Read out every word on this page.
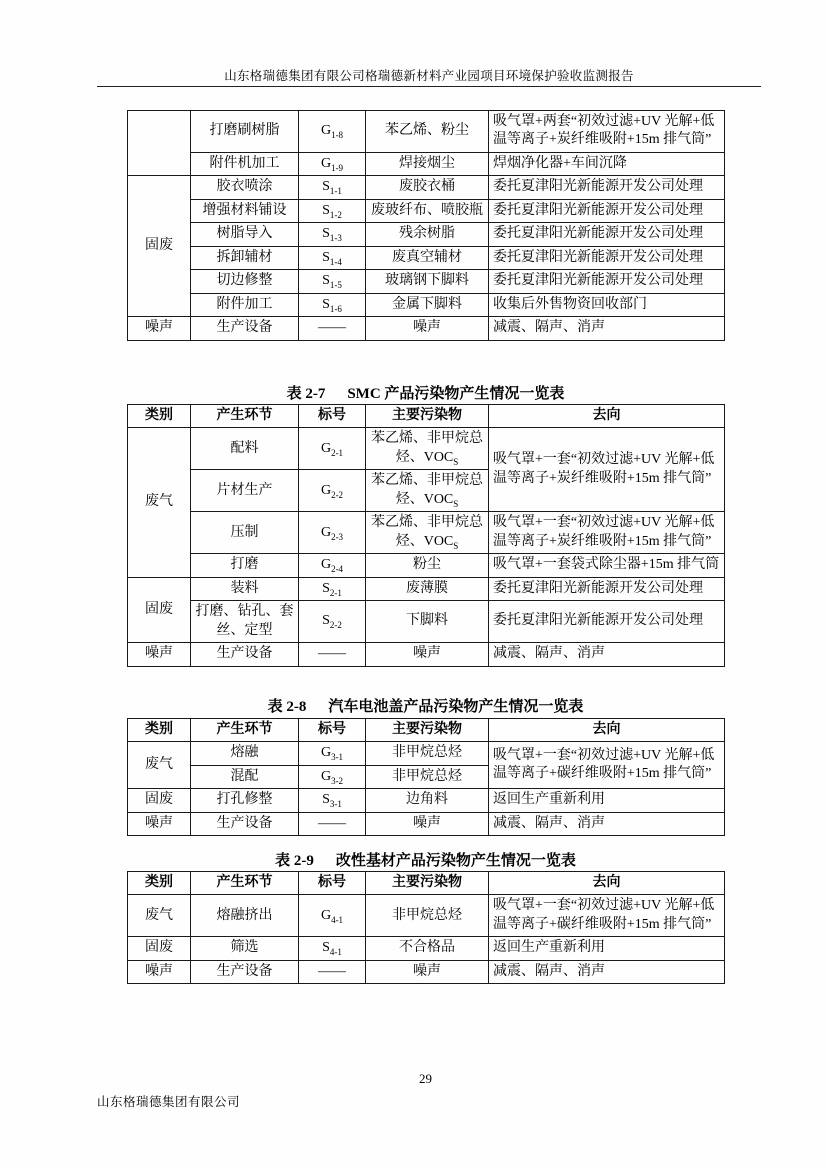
山东格瑞德集团有限公司格瑞德新材料产业园项目环境保护验收监测报告
	打磨刷树脂	$G_{1-8}$	苯乙烯、粉尘	吸气罩+两套“初效过滤+UV 光解+低温等离子+炭纤维吸附+15m 排气筒”
	附件机加工	$G_{1-9}$	焊接烟尘	焊烟净化器+车间沉降
固废	胶衣喷涂	$S_{1-1}$	废胶衣桶	委托夏津阳光新能源开发公司处理
	增强材料铺设	$S_{1-2}$	废玻纤布、喷胶瓶	委托夏津阳光新能源开发公司处理
	树脂导入	$S_{1-3}$	残余树脂	委托夏津阳光新能源开发公司处理
	拆卸辅材	$S_{1-4}$	废真空辅材	委托夏津阳光新能源开发公司处理
	切边修整	$S_{1-5}$	玻璃钢下脚料	委托夏津阳光新能源开发公司处理
	附件加工	$S_{1-6}$	金属下脚料	收集后外售物资回收部门
噪声	生产设备	——	噪声	减震、隔声、消声
表 2-7 SMC 产品污染物产生情况一览表
类别	产生环节	标号	主要污染物	去向
废气	配料	$G_{2-1}$	苯乙烯、非甲烷总烃、$VOC_S$	吸气罩+一套“初效过滤+UV 光解+低温等离子+炭纤维吸附+15m 排气筒”
	片材生产	$G_{2-2}$	苯乙烯、非甲烷总烃、$VOC_S$
	压制	$G_{2-3}$	苯乙烯、非甲烷总烃、$VOC_S$	吸气罩+一套“初效过滤+UV 光解+低温等离子+炭纤维吸附+15m 排气筒”
	打磨	$G_{2-4}$	粉尘	吸气罩+一套袋式除尘器+15m 排气筒
固废	装料	$S_{2-1}$	废薄膜	委托夏津阳光新能源开发公司处理
	打磨、钻孔、套丝、定型	$S_{2-2}$	下脚料	委托夏津阳光新能源开发公司处理
噪声	生产设备	——	噪声	减震、隔声、消声
表 2-8 汽车电池盖产品污染物产生情况一览表
类别	产生环节	标号	主要污染物	去向
废气	熔融	$G_{3-1}$	非甲烷总烃	吸气罩+一套“初效过滤+UV 光解+低温等离子+碳纤维吸附+15m 排气筒”
	混配	$G_{3-2}$	非甲烷总烃	
固废	打孔修整	$S_{3-1}$	边角料	返回生产重新利用
噪声	生产设备	——	噪声	减震、隔声、消声
表 2-9 改性基材产品污染物产生情况一览表
类别	产生环节	标号	主要污染物	去向
废气	熔融挤出	$G_{4-1}$	非甲烷总烃	吸气罩+一套“初效过滤+UV 光解+低温等离子+碳纤维吸附+15m 排气筒”
固废	筛选	$S_{4-1}$	不合格品	返回生产重新利用
噪声	生产设备	——	噪声	减震、隔声、消声
29
山东格瑞德集团有限公司
